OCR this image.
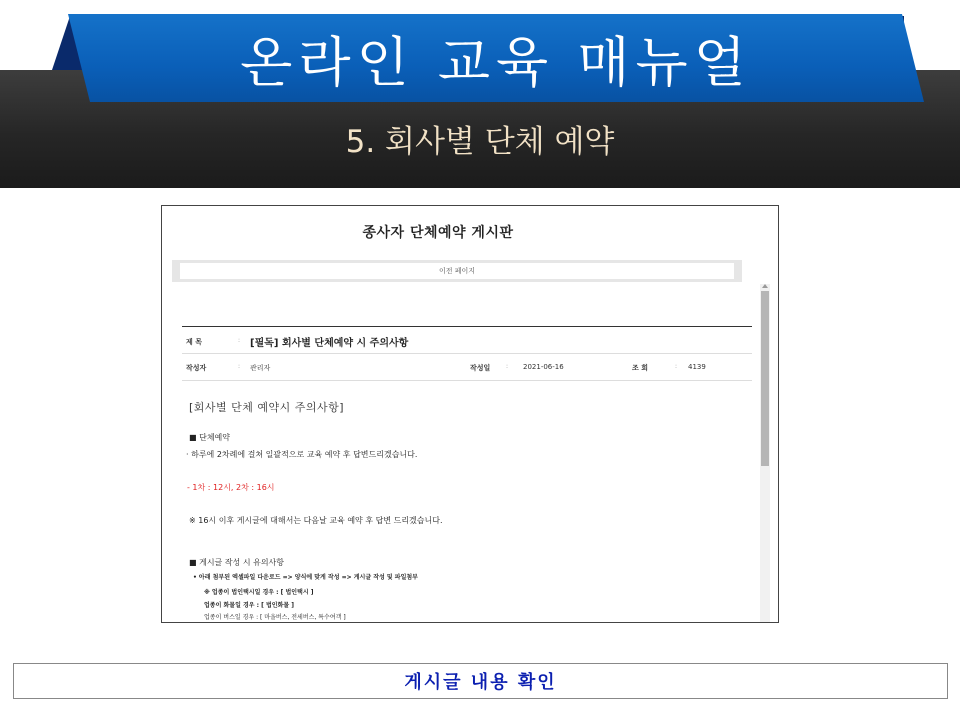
온라인 교육 매뉴얼
5. 회사별 단체 예약
종사자 단체예약 게시판
이전 페이지
제 목	: [필독] 회사별 단체예약 시 주의사항
작성자	: 관리자	작성일	: 2021-06-16	조 회	: 4139
[회사별 단체 예약시 주의사항]
■ 단체예약
· 하루에 2차례에 걸쳐 일괄적으로 교육 예약 후 답변드리겠습니다.
- 1차 : 12시, 2차 : 16시
※ 16시 이후 게시글에 대해서는 다음날 교육 예약 후 답변 드리겠습니다.
■ 게시글 작성 시 유의사항
• 아래 첨부된 엑셀파일 다운로드 => 양식에 맞게 작성 => 게시글 작성 및 파일첨부
※ 업종이 법인택시일 경우 : [ 법인택시 ]
업종이 화물일 경우 : [ 법인화물 ]
업종이 버스일 경우 : [ 마을버스, 전세버스, 특수여객 ]
게시글 내용 확인
